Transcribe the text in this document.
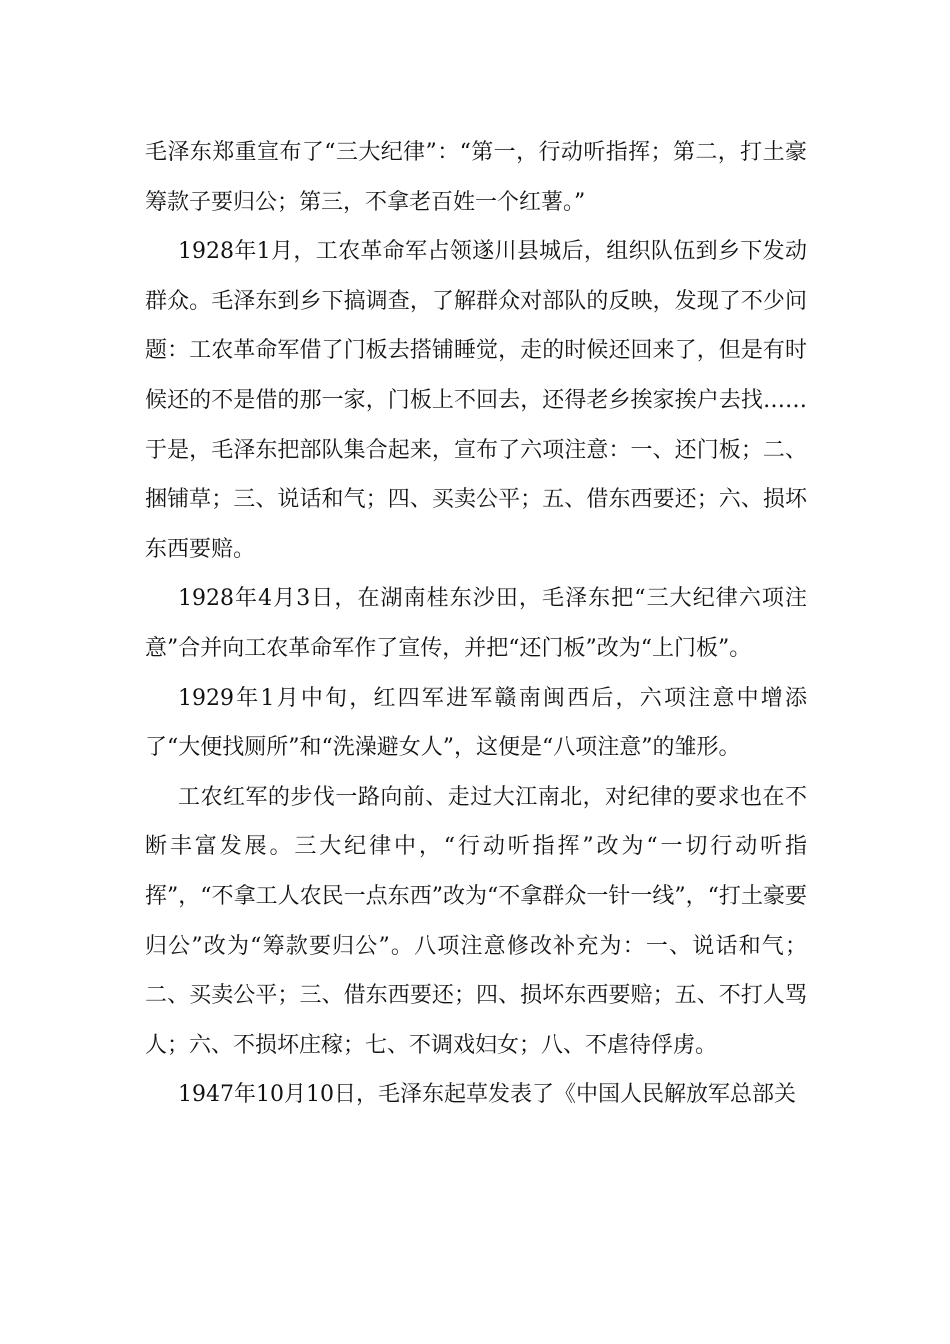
毛泽东郑重宣布了“三大纪律”：“第一，行动听指挥；第二，打土豪筹款子要归公；第三，不拿老百姓一个红薯。”

1928年1月，工农革命军占领遂川县城后，组织队伍到乡下发动群众。毛泽东到乡下搞调查，了解群众对部队的反映，发现了不少问题：工农革命军借了门板去搭铺睡觉，走的时候还回来了，但是有时候还的不是借的那一家，门板上不回去，还得老乡挨家挨户去找……于是，毛泽东把部队集合起来，宣布了六项注意：一、还门板；二、捆铺草；三、说话和气；四、买卖公平；五、借东西要还；六、损坏东西要赔。

1928年4月3日，在湖南桂东沙田，毛泽东把“三大纪律六项注意”合并向工农革命军作了宣传，并把“还门板”改为“上门板”。

1929年1月中旬，红四军进军赣南闽西后，六项注意中增添了“大便找厕所”和“洗澡避女人”，这便是“八项注意”的雏形。

工农红军的步伐一路向前、走过大江南北，对纪律的要求也在不断丰富发展。三大纪律中，“行动听指挥”改为“一切行动听指挥”，“不拿工人农民一点东西”改为“不拿群众一针一线”，“打土豪要归公”改为“筹款要归公”。八项注意修改补充为：一、说话和气；二、买卖公平；三、借东西要还；四、损坏东西要赔；五、不打人骂人；六、不损坏庄稼；七、不调戏妇女；八、不虐待俘虏。

1947年10月10日，毛泽东起草发表了《中国人民解放军总部关
